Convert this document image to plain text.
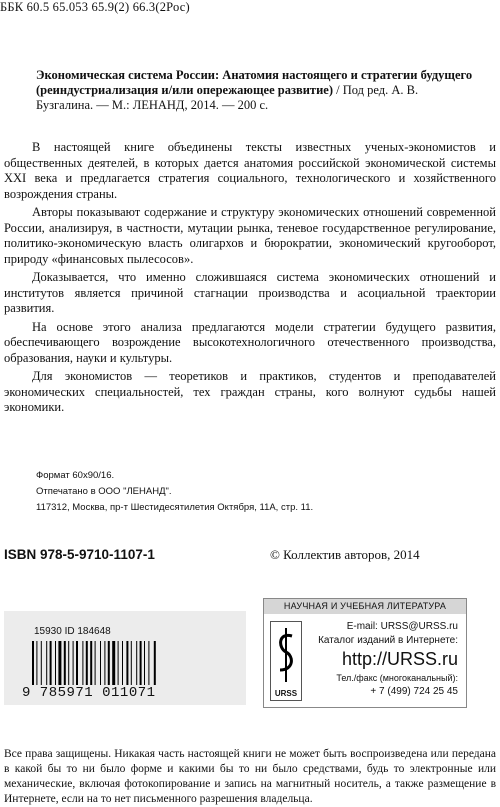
ББК 60.5 65.053 65.9(2) 66.3(2Рос)
Экономическая система России: Анатомия настоящего и стратегии будущего (реиндустриализация и/или опережающее развитие) / Под ред. А. В. Бузгалина. — М.: ЛЕНАНД, 2014. — 200 с.

В настоящей книге объединены тексты известных ученых-экономистов и общественных деятелей, в которых дается анатомия российской экономической системы XXI века и предлагается стратегия социального, технологического и хозяйственного возрождения страны.

Авторы показывают содержание и структуру экономических отношений современной России, анализируя, в частности, мутации рынка, теневое государственное регулирование, политико-экономическую власть олигархов и бюрократии, экономический кругооборот, природу «финансовых пылесосов».

Доказывается, что именно сложившаяся система экономических отношений и институтов является причиной стагнации производства и асоциальной траектории развития.

На основе этого анализа предлагаются модели стратегии будущего развития, обеспечивающего возрождение высокотехнологичного отечественного производства, образования, науки и культуры.

Для экономистов — теоретиков и практиков, студентов и преподавателей экономических специальностей, тех граждан страны, кого волнуют судьбы нашей экономики.

Формат 60х90/16.
Отпечатано в ООО "ЛЕНАНД".
117312, Москва, пр-т Шестидесятилетия Октября, 11А, стр. 11.
ISBN 978-5-9710-1107-1	© Коллектив авторов, 2014
15930 ID 184648
9 785971 011071
НАУЧНАЯ И УЧЕБНАЯ ЛИТЕРАТУРА
URSS
E-mail: URSS@URSS.ru
Каталог изданий в Интернете:
http://URSS.ru
Тел./факс (многоканальный):
+ 7 (499) 724 25 45
Все права защищены. Никакая часть настоящей книги не может быть воспроизведена или передана в какой бы то ни было форме и какими бы то ни было средствами, будь то электронные или механические, включая фотокопирование и запись на магнитный носитель, а также размещение в Интернете, если на то нет письменного разрешения владельца.
